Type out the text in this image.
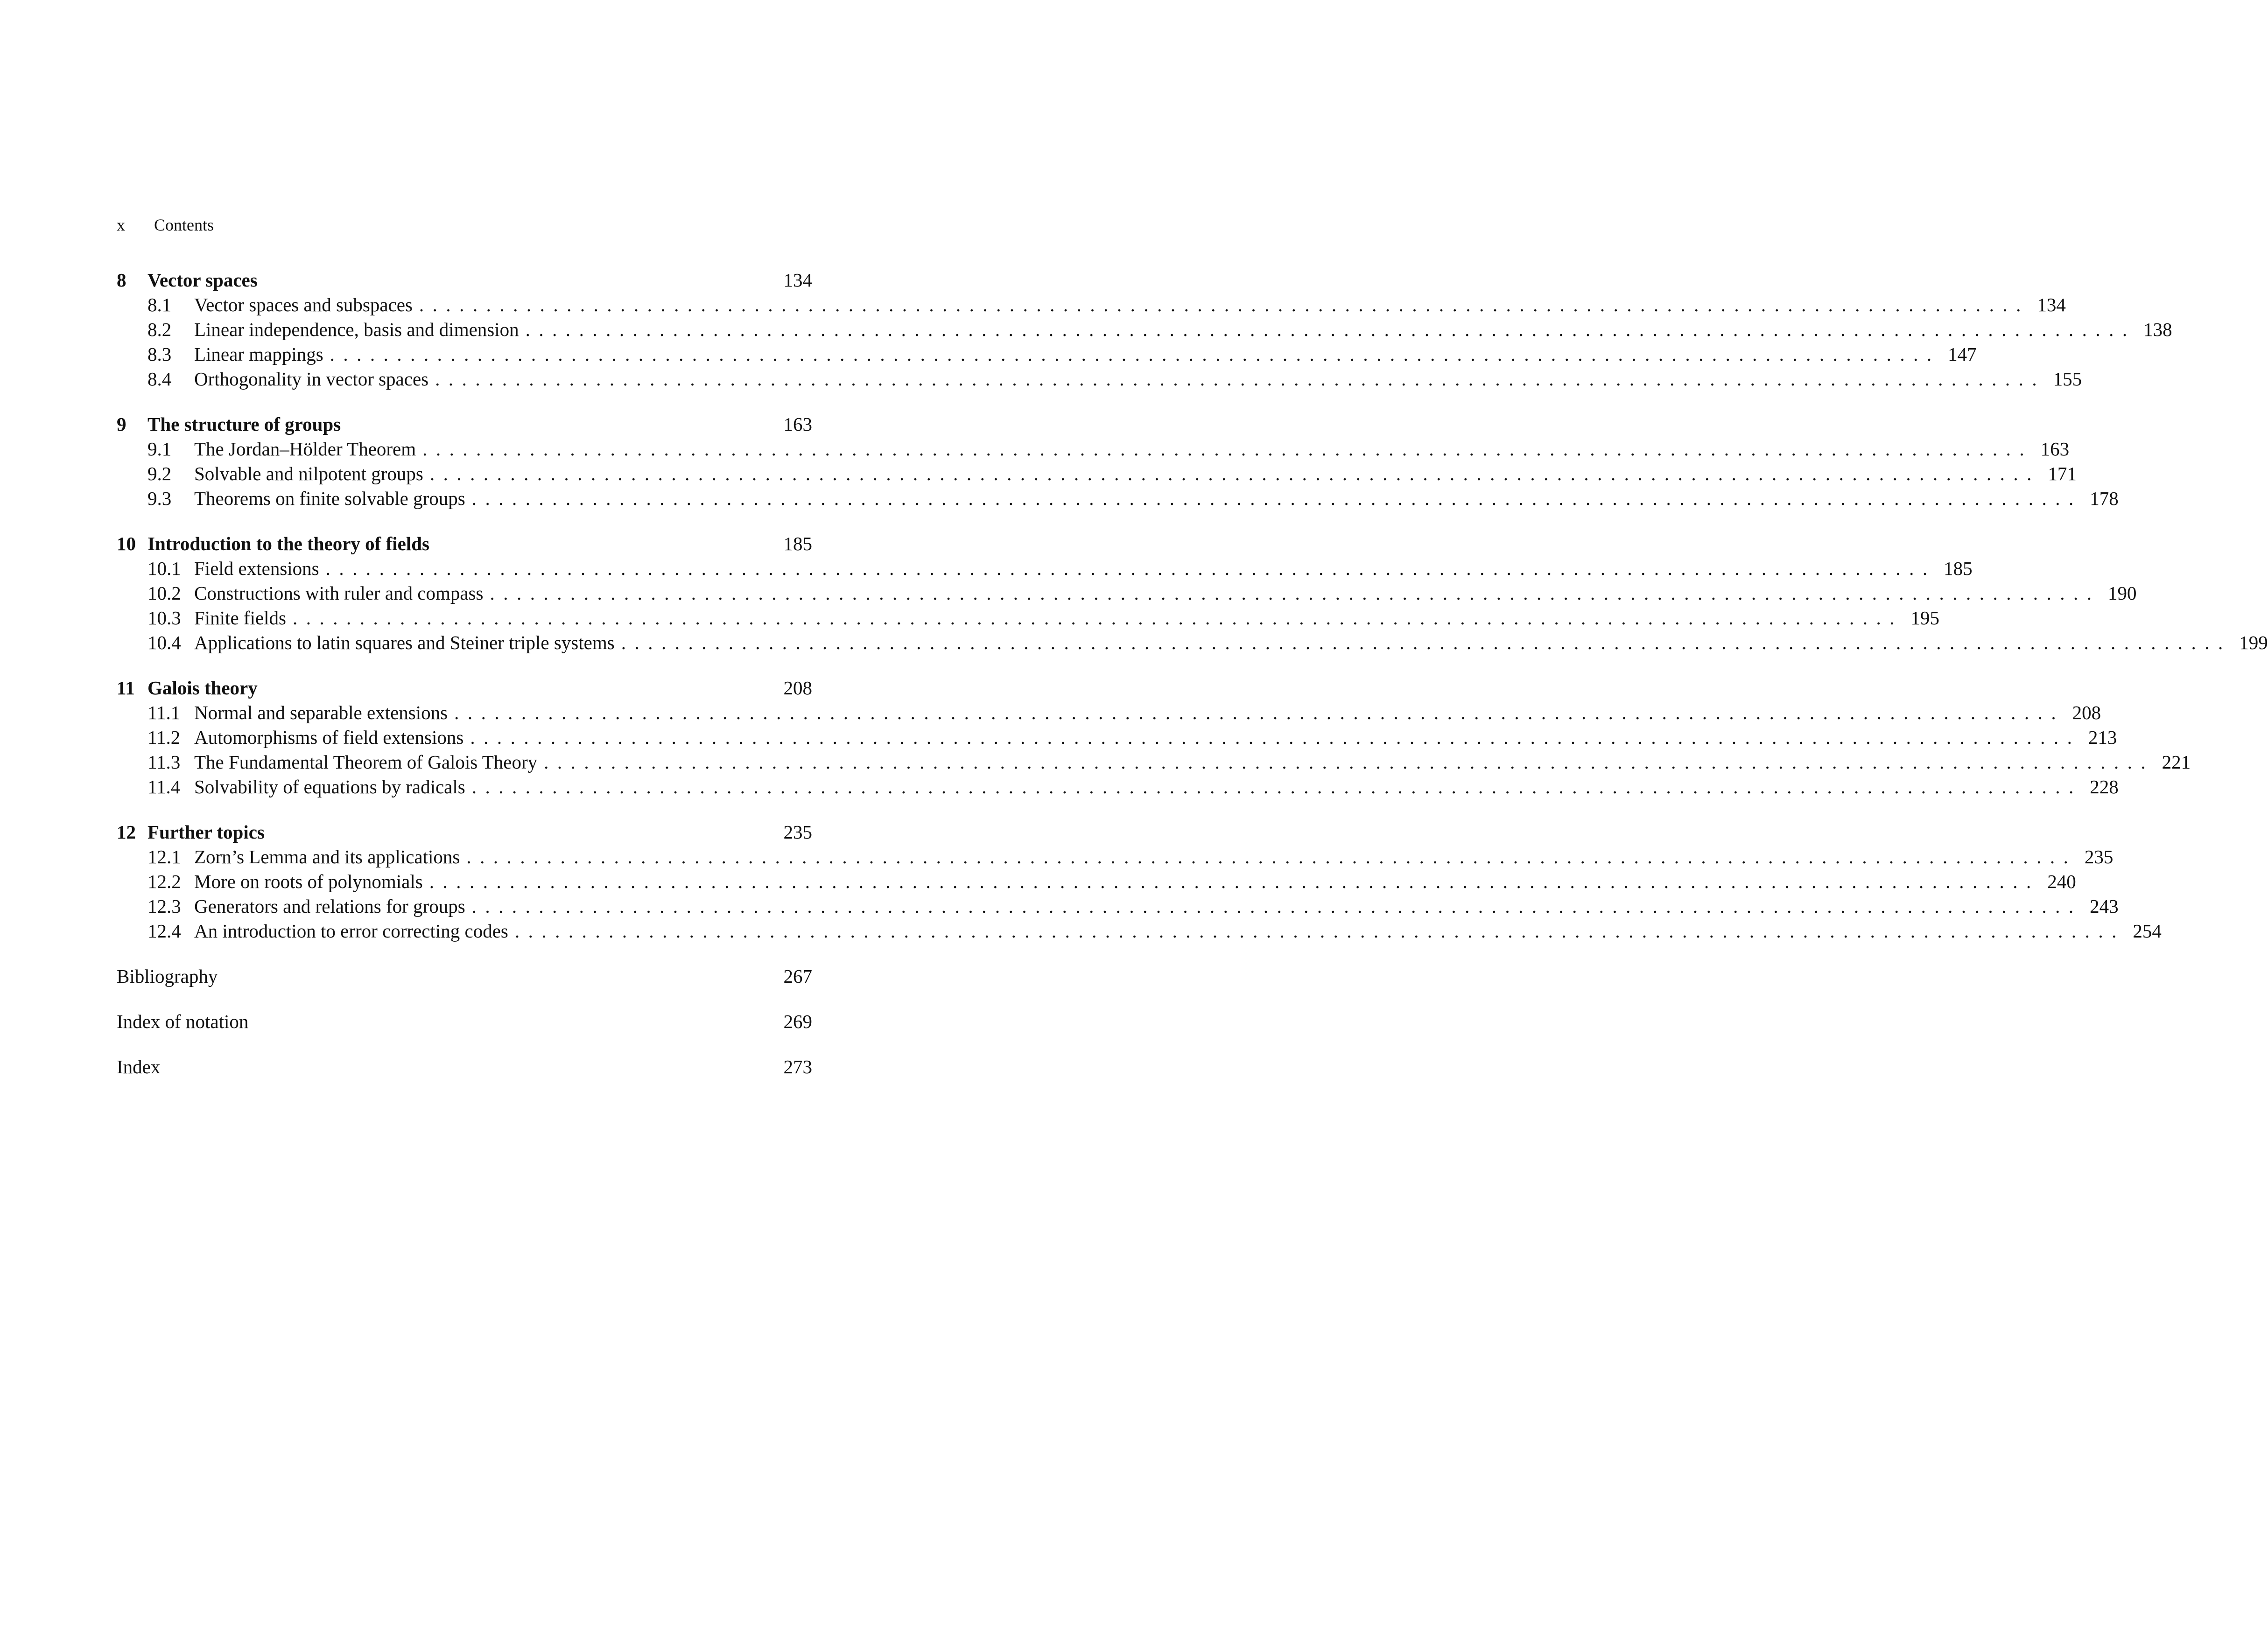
x Contents
8	Vector spaces	134
8.1	Vector spaces and subspaces ........................................................................................................................ 134
8.2	Linear independence, basis and dimension ........................................................................................................................ 138
8.3	Linear mappings ........................................................................................................................ 147
8.4	Orthogonality in vector spaces ........................................................................................................................ 155
9	The structure of groups	163
9.1	The Jordan–Hölder Theorem ........................................................................................................................ 163
9.2	Solvable and nilpotent groups ........................................................................................................................ 171
9.3	Theorems on finite solvable groups ........................................................................................................................ 178
10 Introduction to the theory of fields	185
10.1 Field extensions ........................................................................................................................ 185
10.2 Constructions with ruler and compass ........................................................................................................................ 190
10.3 Finite fields ........................................................................................................................ 195
10.4 Applications to latin squares and Steiner triple systems ........................................................................................................................ 199
11 Galois theory	208
11.1 Normal and separable extensions ........................................................................................................................ 208
11.2 Automorphisms of field extensions ........................................................................................................................ 213
11.3 The Fundamental Theorem of Galois Theory ........................................................................................................................ 221
11.4 Solvability of equations by radicals ........................................................................................................................ 228
12 Further topics	235
12.1 Zorn’s Lemma and its applications ........................................................................................................................ 235
12.2 More on roots of polynomials ........................................................................................................................ 240
12.3 Generators and relations for groups ........................................................................................................................ 243
12.4 An introduction to error correcting codes ........................................................................................................................ 254
Bibliography	267
Index of notation	269
Index	273
